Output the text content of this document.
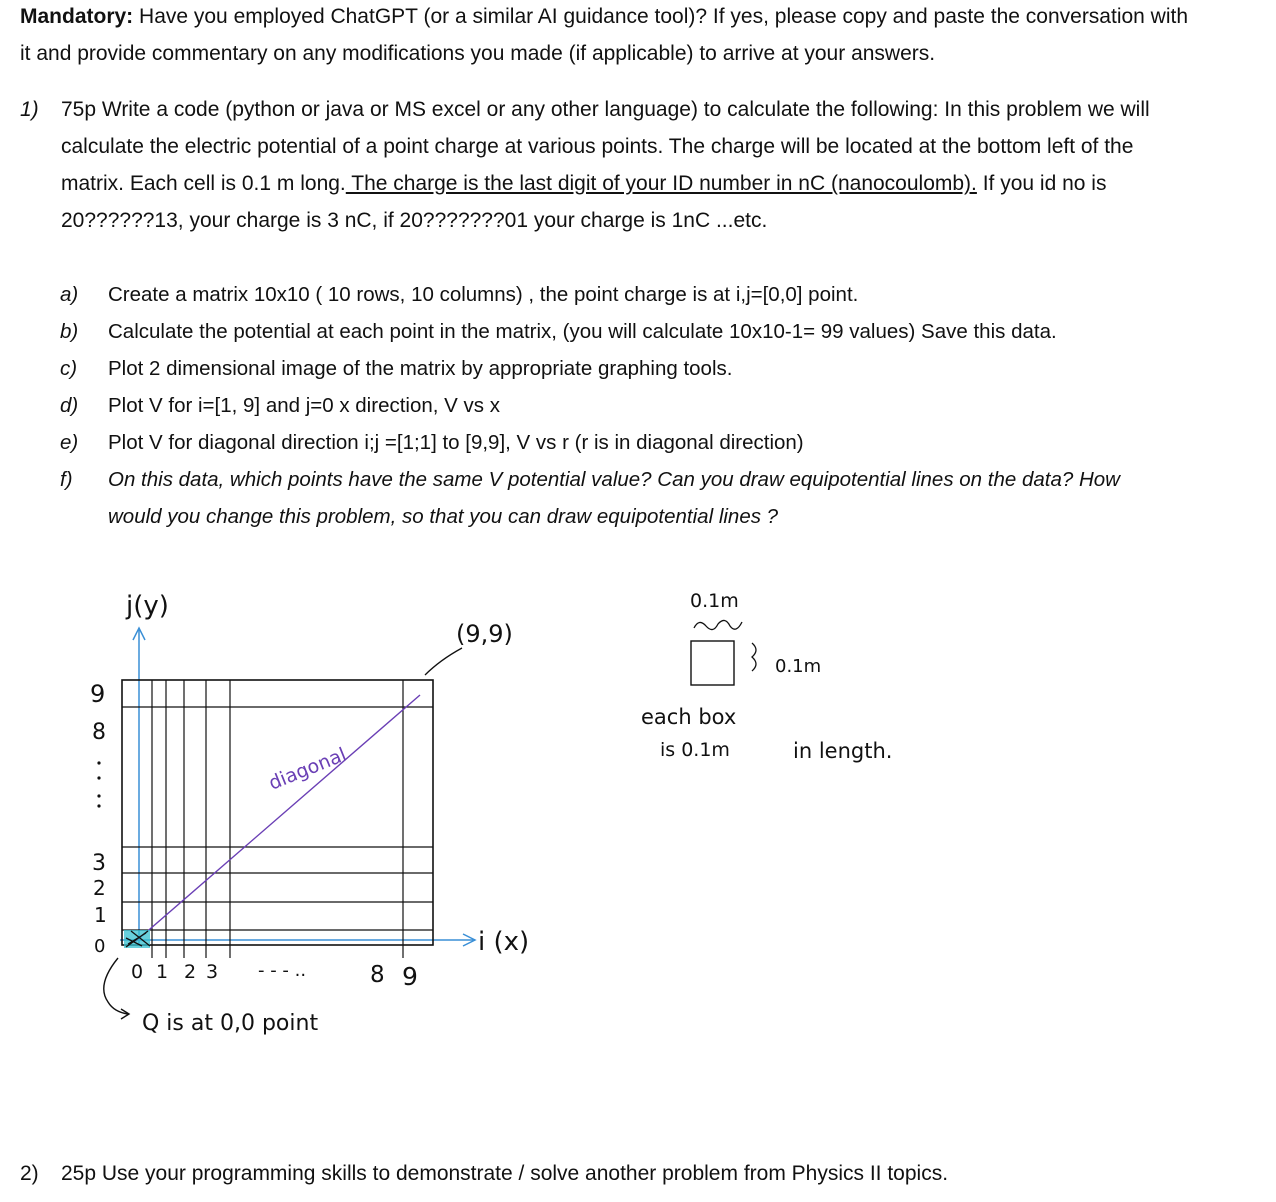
Mandatory: Have you employed ChatGPT (or a similar AI guidance tool)? If yes, please copy and paste the conversation with
it and provide commentary on any modifications you made (if applicable) to arrive at your answers.
1) 75p Write a code (python or java or MS excel or any other language) to calculate the following: In this problem we will
calculate the electric potential of a point charge at various points. The charge will be located at the bottom left of the
matrix. Each cell is 0.1 m long. The charge is the last digit of your ID number in nC (nanocoulomb). If you id no is
20??????13, your charge is 3 nC, if 20???????01 your charge is 1nC ...etc.
a) Create a matrix 10x10 ( 10 rows, 10 columns) , the point charge is at i,j=[0,0] point.
b) Calculate the potential at each point in the matrix, (you will calculate 10x10-1= 99 values) Save this data.
c) Plot 2 dimensional image of the matrix by appropriate graphing tools.
d) Plot V for i=[1, 9] and j=0 x direction, V vs x
e) Plot V for diagonal direction i;j =[1;1] to [9,9], V vs r (r is in diagonal direction)
f) On this data, which points have the same V potential value? Can you draw equipotential lines on the data? How
would you change this problem, so that you can draw equipotential lines ?
9
8
3
2
1
0
0 1 2 3 - - - ..	8 9
j(y)
i (x)
(9,9)
diagonal
Q is at 0,0 point
0.1m
0.1m
each box
is 0.1m	in length.
2) 25p Use your programming skills to demonstrate / solve another problem from Physics II topics.
